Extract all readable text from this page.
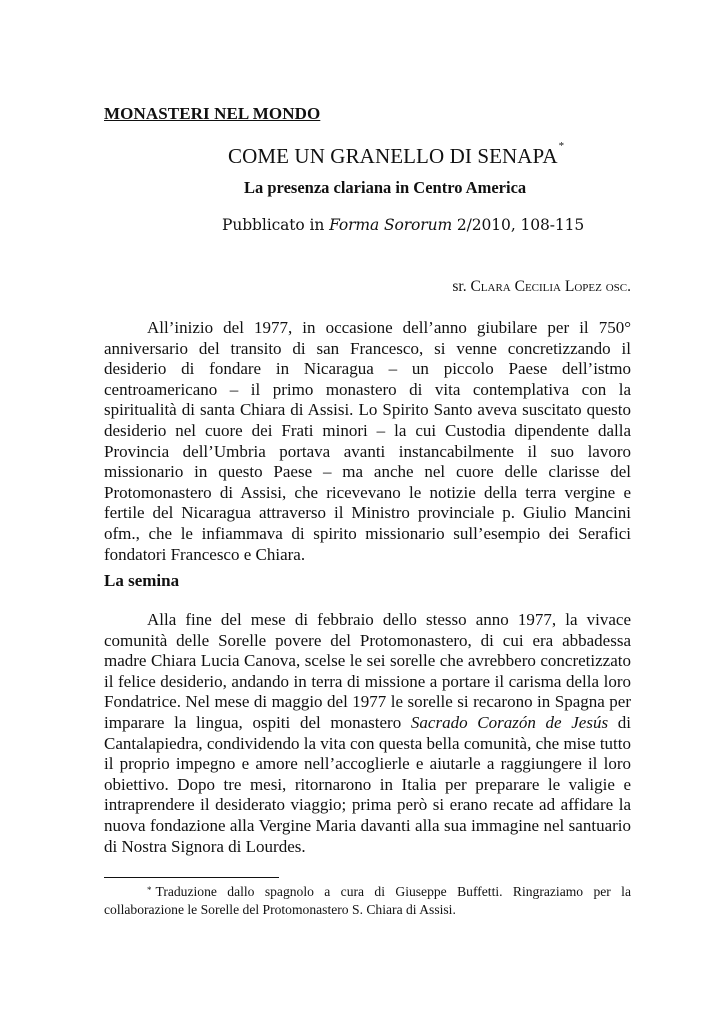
MONASTERI NEL MONDO
COME UN GRANELLO DI SENAPA*
La presenza clariana in Centro America
Pubblicato in Forma Sororum 2/2010, 108-115
sr. Clara Cecilia Lopez osc.

All’inizio del 1977, in occasione dell’anno giubilare per il 750° anniversario del transito di san Francesco, si venne concretizzando il desiderio di fondare in Nicaragua – un piccolo Paese dell’istmo centroamericano – il primo monastero di vita contemplativa con la spiritualità di santa Chiara di Assisi. Lo Spirito Santo aveva suscitato questo desiderio nel cuore dei Frati minori – la cui Custodia dipendente dalla Provincia dell’Umbria portava avanti instancabilmente il suo lavoro missionario in questo Paese – ma anche nel cuore delle clarisse del Protomonastero di Assisi, che ricevevano le notizie della terra vergine e fertile del Nicaragua attraverso il Ministro provinciale p. Giulio Mancini ofm., che le infiammava di spirito missionario sull’esempio dei Serafici fondatori Francesco e Chiara.

La semina

Alla fine del mese di febbraio dello stesso anno 1977, la vivace comunità delle Sorelle povere del Protomonastero, di cui era abbadessa madre Chiara Lucia Canova, scelse le sei sorelle che avrebbero concretizzato il felice desiderio, andando in terra di missione a portare il carisma della loro Fondatrice. Nel mese di maggio del 1977 le sorelle si recarono in Spagna per imparare la lingua, ospiti del monastero Sacrado Corazón de Jesús di Cantalapiedra, condividendo la vita con questa bella comunità, che mise tutto il proprio impegno e amore nell’accoglierle e aiutarle a raggiungere il loro obiettivo. Dopo tre mesi, ritornarono in Italia per preparare le valigie e intraprendere il desiderato viaggio; prima però si erano recate ad affidare la nuova fondazione alla Vergine Maria davanti alla sua immagine nel santuario di Nostra Signora di Lourdes.

* Traduzione dallo spagnolo a cura di Giuseppe Buffetti. Ringraziamo per la collaborazione le Sorelle del Protomonastero S. Chiara di Assisi.
